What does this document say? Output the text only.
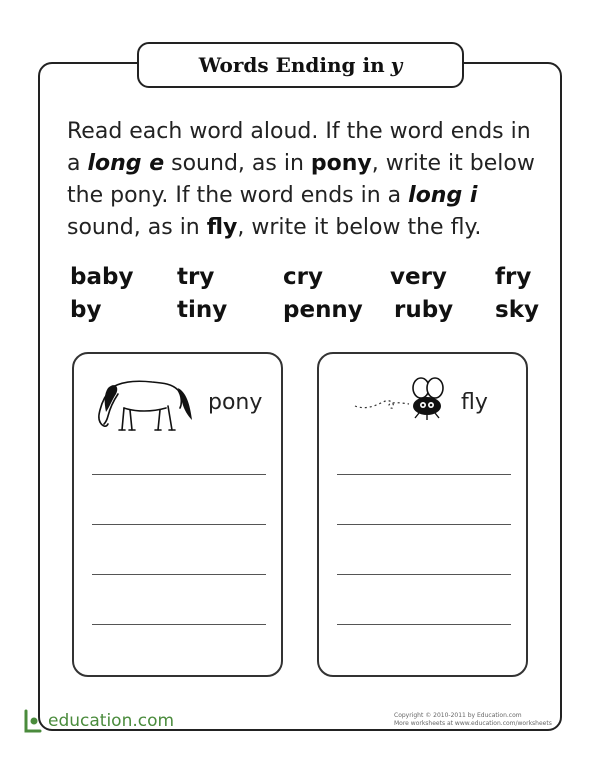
Words Ending in y
Read each word aloud. If the word ends in a long e sound, as in pony, write it below the pony. If the word ends in a long i sound, as in fly, write it below the fly.
baby try	cry	very fry
by	tiny penny ruby sky
pony	fly
education.com	Copyright © 2010-2011 by Education.com
More worksheets at www.education.com/worksheets
